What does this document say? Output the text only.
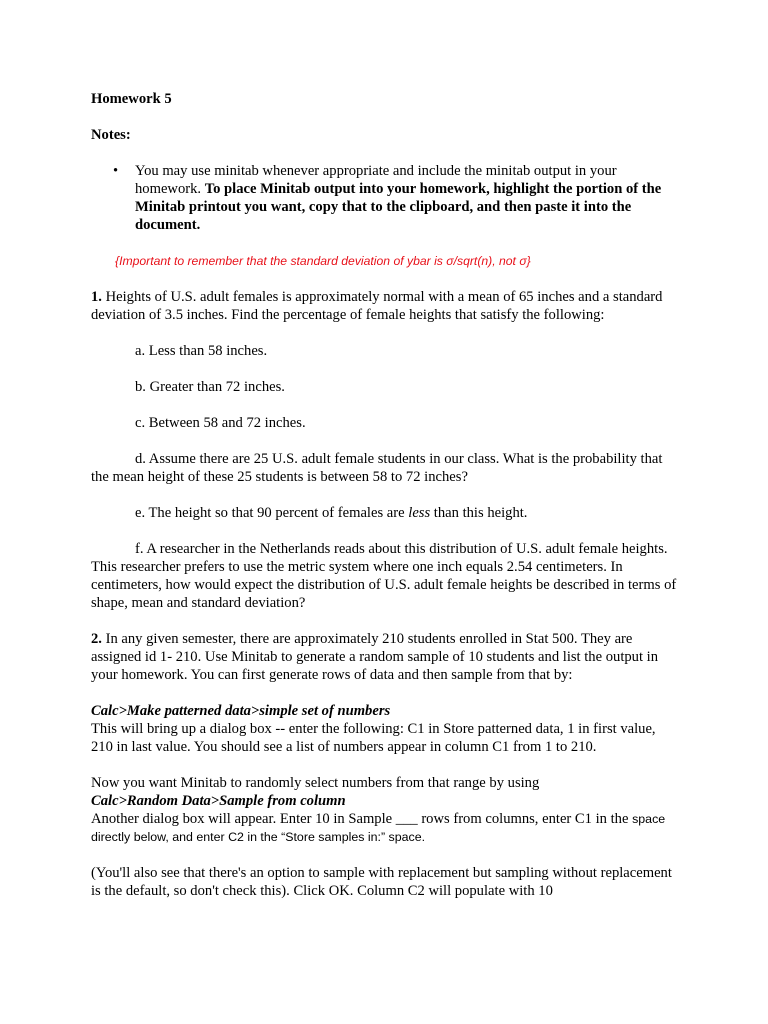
Homework 5

Notes:

• You may use minitab whenever appropriate and include the minitab output in your homework. To place Minitab output into your homework, highlight the portion of the Minitab printout you want, copy that to the clipboard, and then paste it into the document.

{Important to remember that the standard deviation of ybar is σ/sqrt(n), not σ}

1. Heights of U.S. adult females is approximately normal with a mean of 65 inches and a standard deviation of 3.5 inches. Find the percentage of female heights that satisfy the following:

a. Less than 58 inches.

b. Greater than 72 inches.

c. Between 58 and 72 inches.

d. Assume there are 25 U.S. adult female students in our class. What is the probability that the mean height of these 25 students is between 58 to 72 inches?

e. The height so that 90 percent of females are less than this height.

f. A researcher in the Netherlands reads about this distribution of U.S. adult female heights. This researcher prefers to use the metric system where one inch equals 2.54 centimeters. In centimeters, how would expect the distribution of U.S. adult female heights be described in terms of shape, mean and standard deviation?

2. In any given semester, there are approximately 210 students enrolled in Stat 500. They are assigned id 1- 210. Use Minitab to generate a random sample of 10 students and list the output in your homework. You can first generate rows of data and then sample from that by:

Calc>Make patterned data>simple set of numbers

This will bring up a dialog box -- enter the following: C1 in Store patterned data, 1 in first value, 210 in last value. You should see a list of numbers appear in column C1 from 1 to 210.

Now you want Minitab to randomly select numbers from that range by using

Calc>Random Data>Sample from column

Another dialog box will appear. Enter 10 in Sample ___ rows from columns, enter C1 in the space directly below, and enter C2 in the “Store samples in:” space.

(You'll also see that there's an option to sample with replacement but sampling without replacement is the default, so don't check this). Click OK. Column C2 will populate with 10
